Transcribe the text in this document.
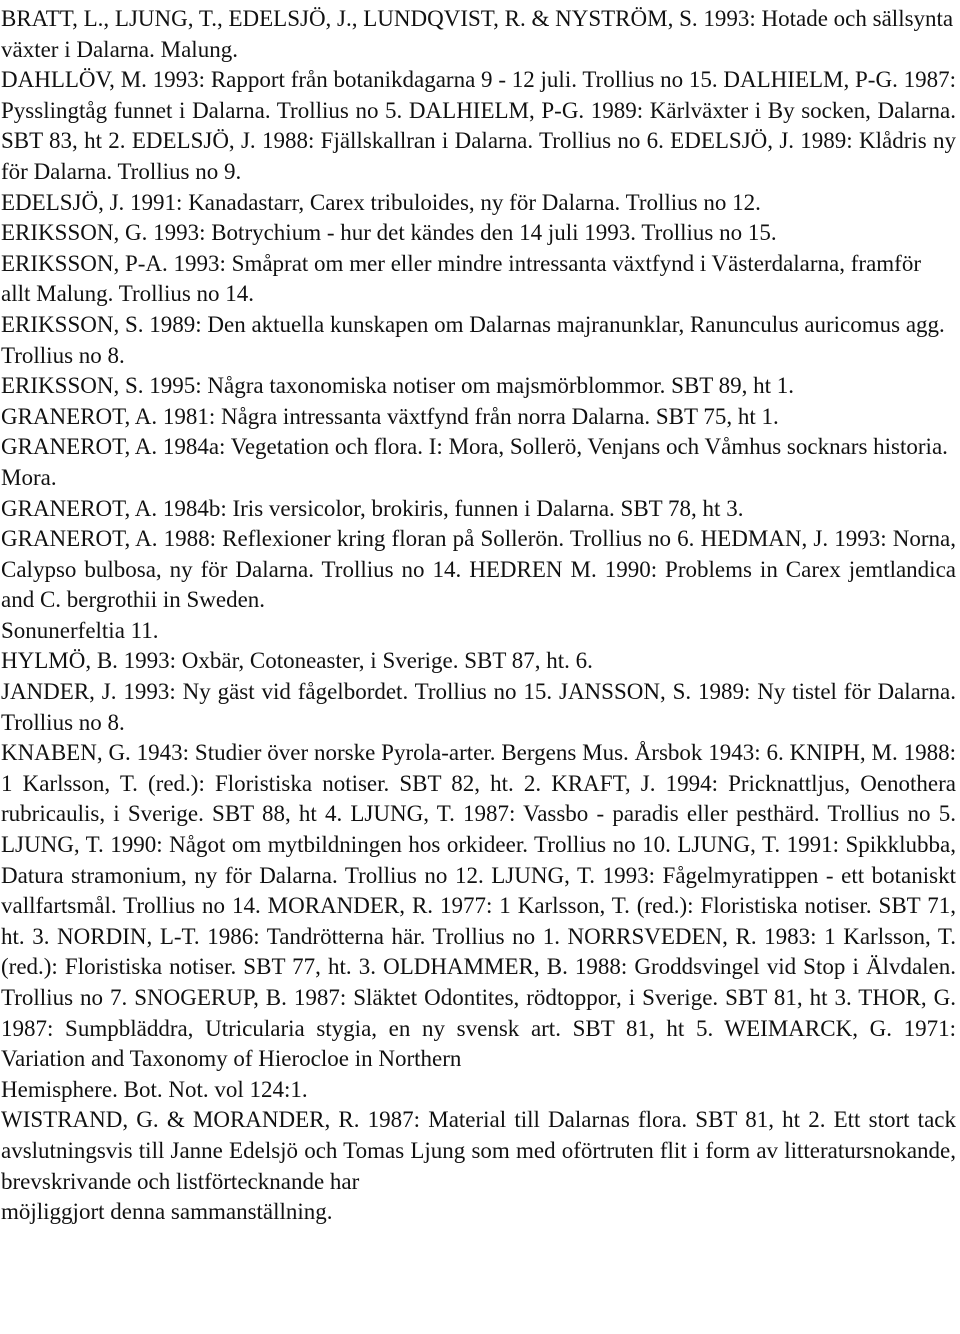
BRATT, L., LJUNG, T., EDELSJÖ, J., LUNDQVIST, R. & NYSTRÖM, S. 1993: Hotade och sällsynta växter i Dalarna. Malung.

DAHLLÖV, M. 1993: Rapport från botanikdagarna 9 - 12 juli. Trollius no 15. DALHIELM, P-G. 1987: Pysslingtåg funnet i Dalarna. Trollius no 5. DALHIELM, P-G. 1989: Kärlväxter i By socken, Dalarna. SBT 83, ht 2. EDELSJÖ, J. 1988: Fjällskallran i Dalarna. Trollius no 6. EDELSJÖ, J. 1989: Klådris ny för Dalarna. Trollius no 9.

EDELSJÖ, J. 1991: Kanadastarr, Carex tribuloides, ny för Dalarna. Trollius no 12.

ERIKSSON, G. 1993: Botrychium - hur det kändes den 14 juli 1993. Trollius no 15.

ERIKSSON, P-A. 1993: Småprat om mer eller mindre intressanta växtfynd i Västerdalarna, framför allt Malung. Trollius no 14.

ERIKSSON, S. 1989: Den aktuella kunskapen om Dalarnas majranunklar, Ranunculus auricomus agg. Trollius no 8.

ERIKSSON, S. 1995: Några taxonomiska notiser om majsmörblommor. SBT 89, ht 1.

GRANEROT, A. 1981: Några intressanta växtfynd från norra Dalarna. SBT 75, ht 1.

GRANEROT, A. 1984a: Vegetation och flora. I: Mora, Sollerö, Venjans och Våmhus socknars historia. Mora.

GRANEROT, A. 1984b: Iris versicolor, brokiris, funnen i Dalarna. SBT 78, ht 3.

GRANEROT, A. 1988: Reflexioner kring floran på Sollerön. Trollius no 6. HEDMAN, J. 1993: Norna, Calypso bulbosa, ny för Dalarna. Trollius no 14. HEDREN M. 1990: Problems in Carex jemtlandica and C. bergrothii in Sweden.

Sonunerfeltia 11.

HYLMÖ, B. 1993: Oxbär, Cotoneaster, i Sverige. SBT 87, ht. 6.

JANDER, J. 1993: Ny gäst vid fågelbordet. Trollius no 15. JANSSON, S. 1989: Ny tistel för Dalarna. Trollius no 8.

KNABEN, G. 1943: Studier över norske Pyrola-arter. Bergens Mus. Årsbok 1943: 6. KNIPH, M. 1988: 1 Karlsson, T. (red.): Floristiska notiser. SBT 82, ht. 2. KRAFT, J. 1994: Pricknattljus, Oenothera rubricaulis, i Sverige. SBT 88, ht 4. LJUNG, T. 1987: Vassbo - paradis eller pesthärd. Trollius no 5. LJUNG, T. 1990: Något om mytbildningen hos orkideer. Trollius no 10. LJUNG, T. 1991: Spikklubba, Datura stramonium, ny för Dalarna. Trollius no 12. LJUNG, T. 1993: Fågelmyratippen - ett botaniskt vallfartsmål. Trollius no 14. MORANDER, R. 1977: 1 Karlsson, T. (red.): Floristiska notiser. SBT 71, ht. 3. NORDIN, L-T. 1986: Tandrötterna här. Trollius no 1. NORRSVEDEN, R. 1983: 1 Karlsson, T. (red.): Floristiska notiser. SBT 77, ht. 3. OLDHAMMER, B. 1988: Groddsvingel vid Stop i Älvdalen. Trollius no 7. SNOGERUP, B. 1987: Släktet Odontites, rödtoppor, i Sverige. SBT 81, ht 3. THOR, G. 1987: Sumpbläddra, Utricularia stygia, en ny svensk art. SBT 81, ht 5. WEIMARCK, G. 1971: Variation and Taxonomy of Hierocloe in Northern

Hemisphere. Bot. Not. vol 124:1.

WISTRAND, G. & MORANDER, R. 1987: Material till Dalarnas flora. SBT 81, ht 2. Ett stort tack avslutningsvis till Janne Edelsjö och Tomas Ljung som med oförtruten flit i form av litteratursnokande, brevskrivande och listförtecknande har

möjliggjort denna sammanställning.
